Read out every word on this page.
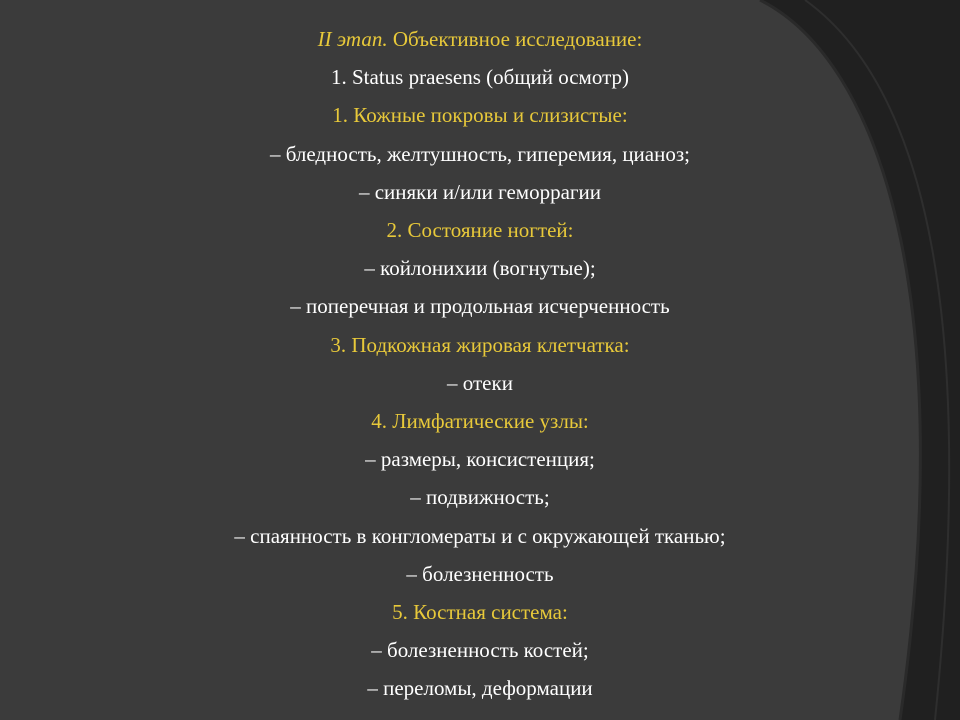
II этап. Объективное исследование:
1. Status praesens (общий осмотр)
1. Кожные покровы и слизистые:
– бледность, желтушность, гиперемия, цианоз;
– синяки и/или геморрагии
2. Состояние ногтей:
– койлонихии (вогнутые);
– поперечная и продольная исчерченность
3. Подкожная жировая клетчатка:
– отеки
4. Лимфатические узлы:
– размеры, консистенция;
– подвижность;
– спаянность в конгломераты и с окружающей тканью;
– болезненность
5. Костная система:
– болезненность костей;
– переломы, деформации
